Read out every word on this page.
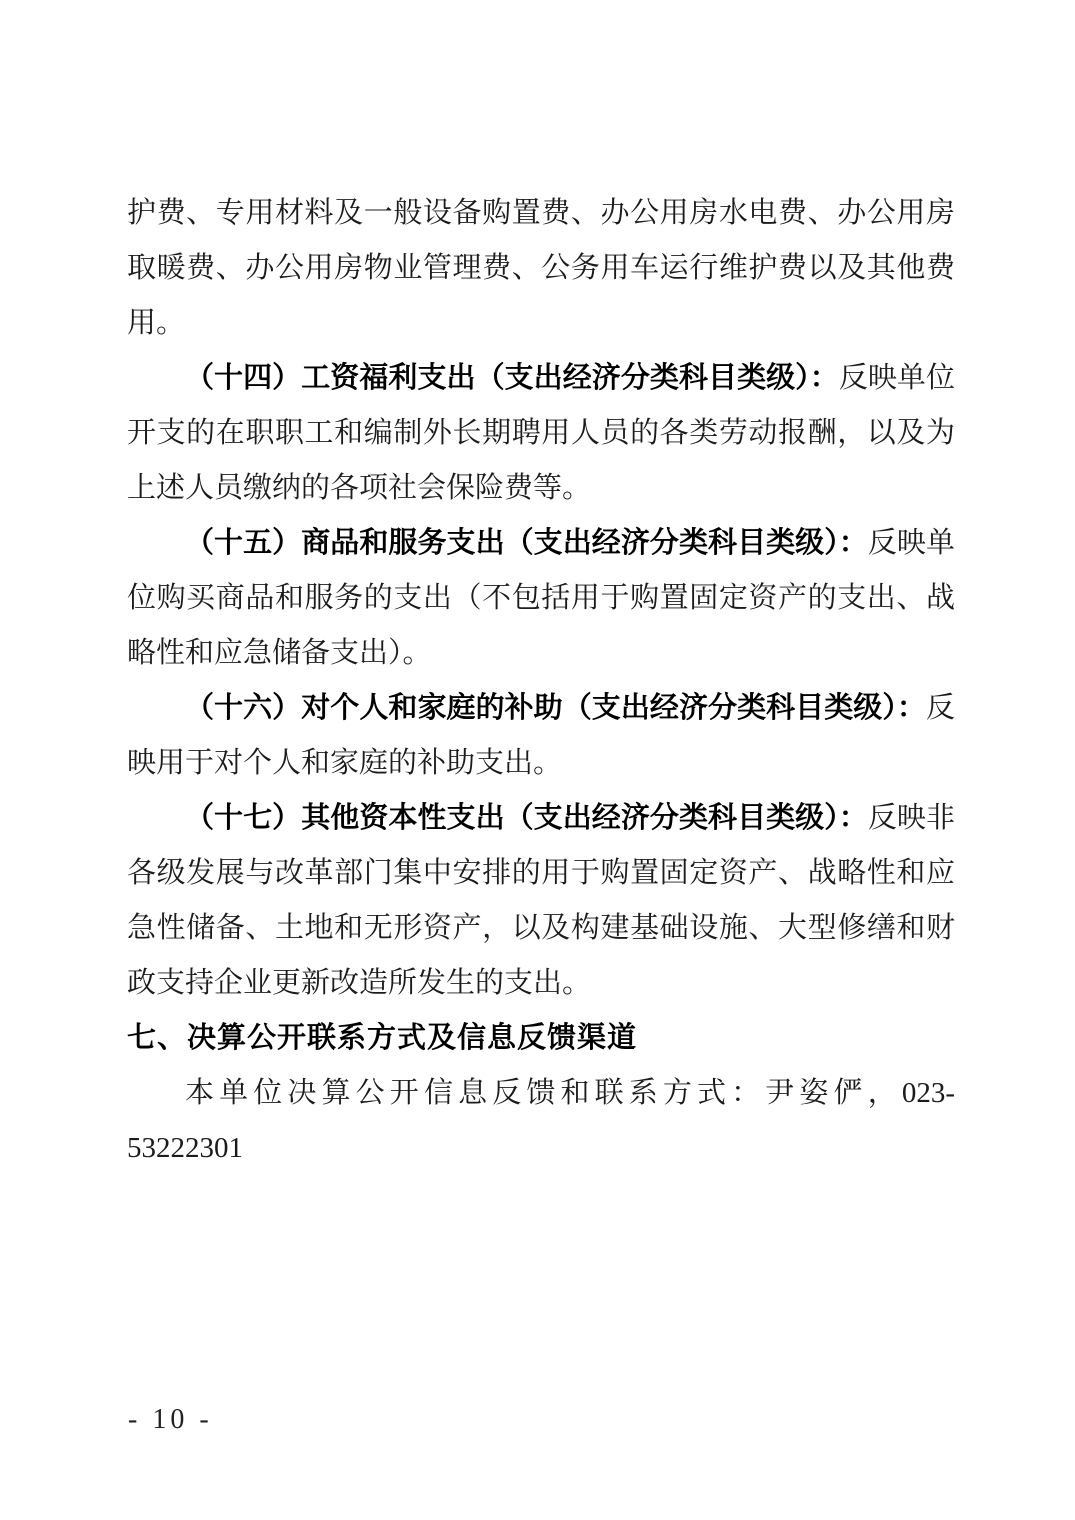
护费、专用材料及一般设备购置费、办公用房水电费、办公用房取暖费、办公用房物业管理费、公务用车运行维护费以及其他费用。

（十四）工资福利支出（支出经济分类科目类级）：反映单位开支的在职职工和编制外长期聘用人员的各类劳动报酬，以及为上述人员缴纳的各项社会保险费等。

（十五）商品和服务支出（支出经济分类科目类级）：反映单位购买商品和服务的支出（不包括用于购置固定资产的支出、战略性和应急储备支出）。

（十六）对个人和家庭的补助（支出经济分类科目类级）：反映用于对个人和家庭的补助支出。

（十七）其他资本性支出（支出经济分类科目类级）：反映非各级发展与改革部门集中安排的用于购置固定资产、战略性和应急性储备、土地和无形资产，以及构建基础设施、大型修缮和财政支持企业更新改造所发生的支出。

七、决算公开联系方式及信息反馈渠道

本单位决算公开信息反馈和联系方式：尹姿俨，023-53222301

- 10 -
